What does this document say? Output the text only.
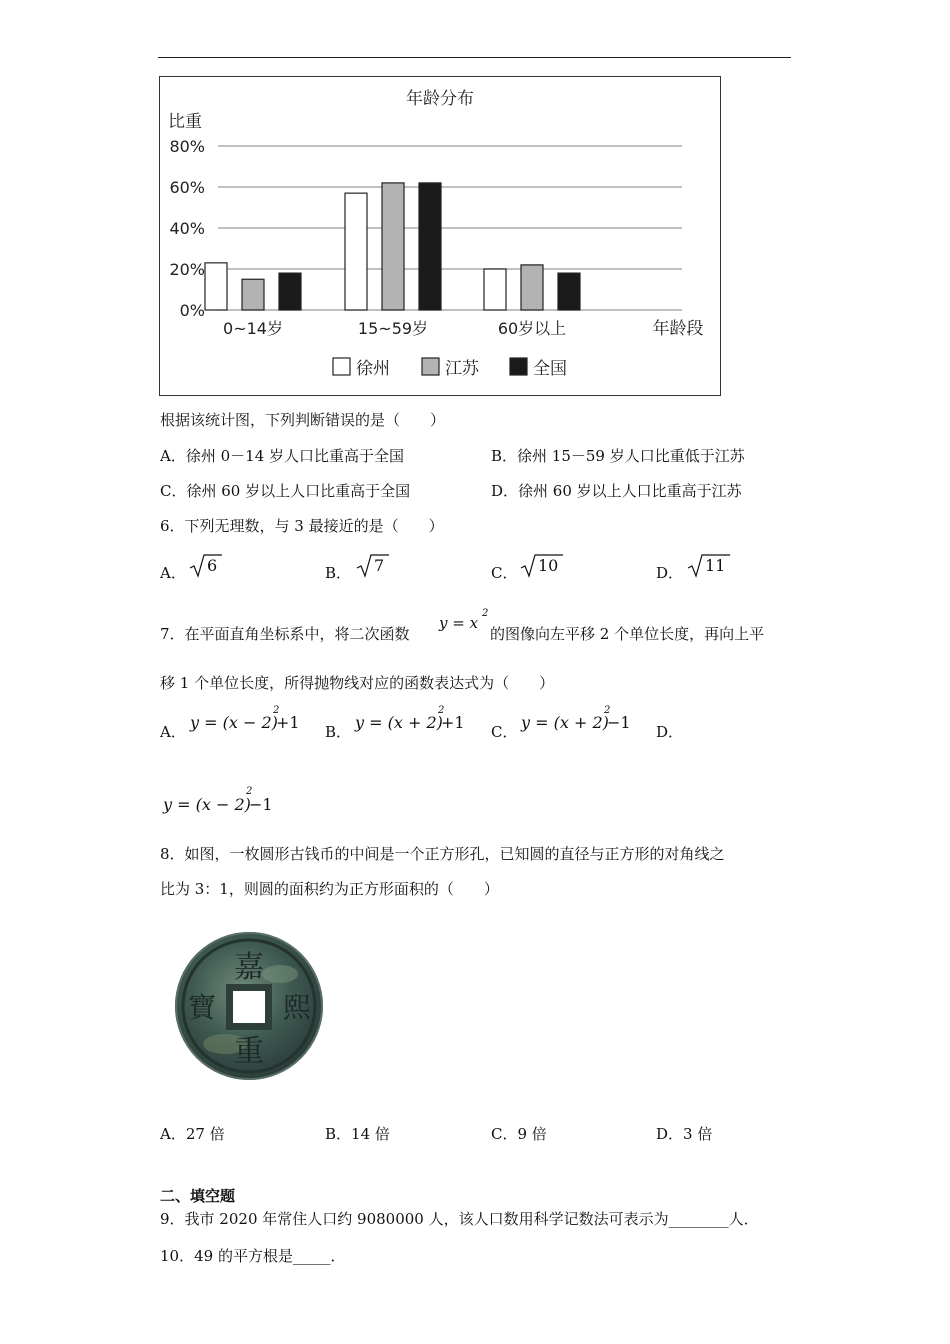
年龄分布
比重
80%
60%
40%
20%
0%
0~14岁	15~59岁	60岁以上	年龄段
徐州	江苏	全国
根据该统计图，下列判断错误的是（　　）
A．徐州 0－14 岁人口比重高于全国	B．徐州 15－59 岁人口比重低于江苏
C．徐州 60 岁以上人口比重高于全国	D．徐州 60 岁以上人口比重高于江苏
6．下列无理数，与 3 最接近的是（　　）
A． 6	B． 7	C． 10	D． 11
7．在平面直角坐标系中，将二次函数
y = x
2
的图像向左平移 2 个单位长度，再向上平
移 1 个单位长度，所得抛物线对应的函数表达式为（　　）
A． y = (x − 2)
2
+1 B． y = (x + 2)
2
+1 C． y = (x + 2)
2
−1 D．
y = (x − 2)
2
−1
8．如图，一枚圆形古钱币的中间是一个正方形孔，已知圆的直径与正方形的对角线之
比为 3：1，则圆的面积约为正方形面积的（　　）
嘉
熙
重
寶
A．27 倍	B．14 倍	C．9 倍	D．3 倍
二、填空题
9．我市 2020 年常住人口约 9080000 人，该人口数用科学记数法可表示为________人．
10．49 的平方根是_____．
